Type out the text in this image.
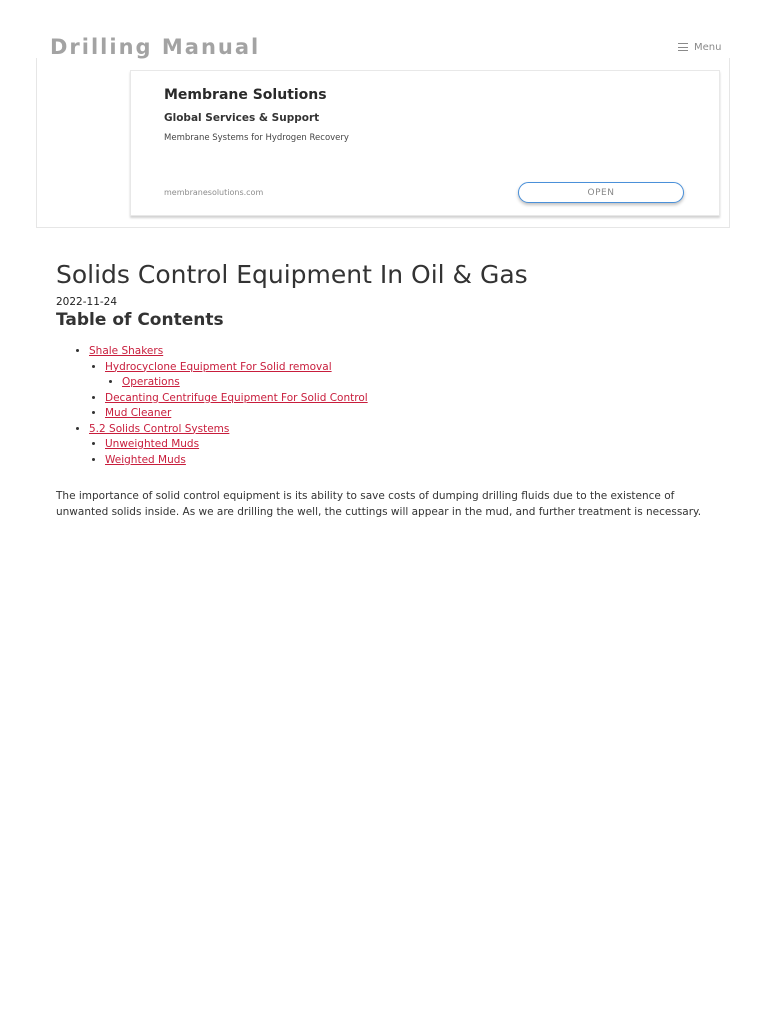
Drilling Manual	Menu
Membrane Solutions
Global Services & Support
Membrane Systems for Hydrogen Recovery
membranesolutions.com	OPEN
Solids Control Equipment In Oil & Gas
2022-11-24
Table of Contents
• Shale Shakers
• Hydrocyclone Equipment For Solid removal
• Operations
• Decanting Centrifuge Equipment For Solid Control
• Mud Cleaner
• 5.2 Solids Control Systems
• Unweighted Muds
• Weighted Muds

The importance of solid control equipment is its ability to save costs of dumping drilling fluids due to the existence of unwanted solids inside. As we are drilling the well, the cuttings will appear in the mud, and further treatment is necessary.
